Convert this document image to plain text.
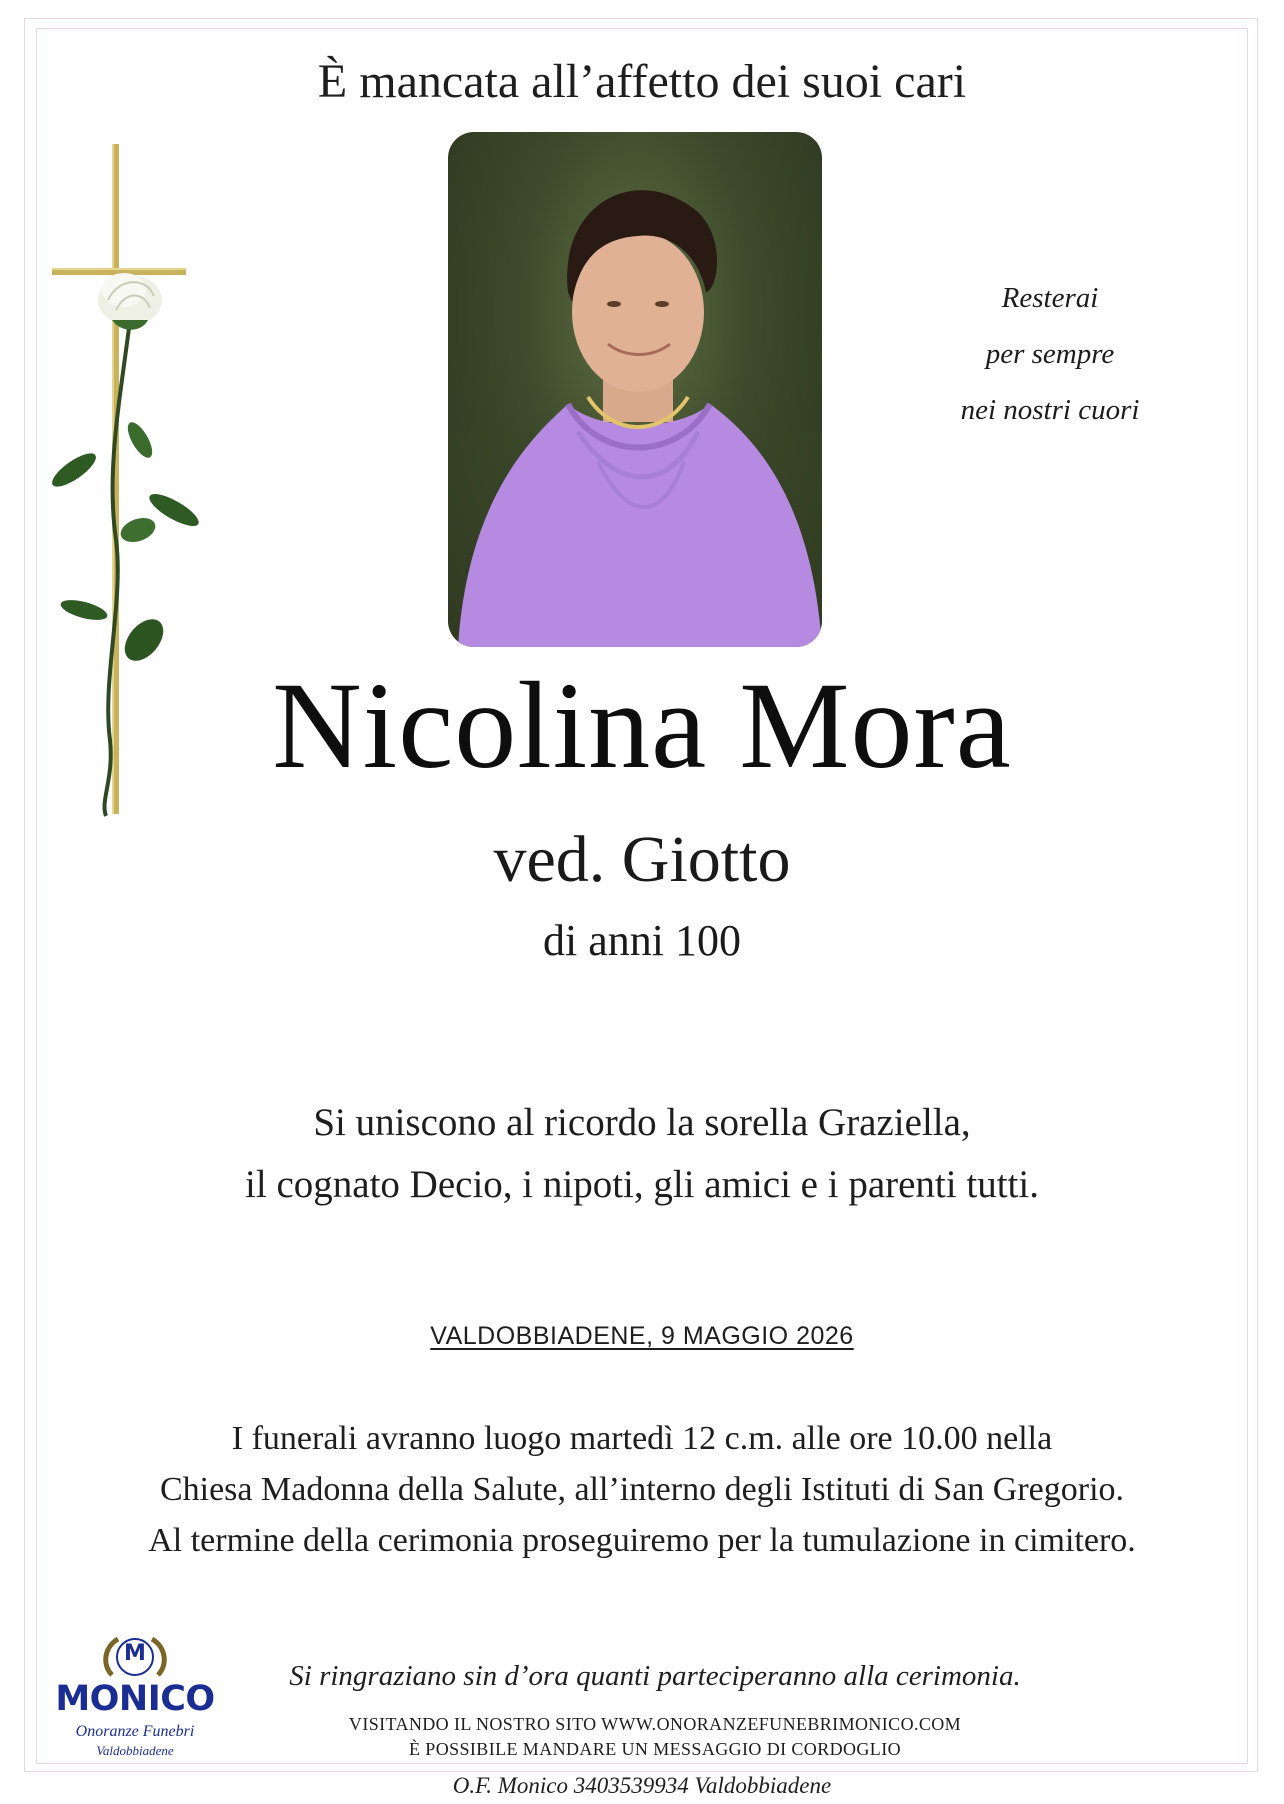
È mancata all’affetto dei suoi cari
Resterai
per sempre
nei nostri cuori
Nicolina Mora
ved. Giotto
di anni 100
Si uniscono al ricordo la sorella Graziella,
il cognato Decio, i nipoti, gli amici e i parenti tutti.
VALDOBBIADENE, 9 MAGGIO 2026
I funerali avranno luogo martedì 12 c.m. alle ore 10.00 nella
Chiesa Madonna della Salute, all’interno degli Istituti di San Gregorio.
Al termine della cerimonia proseguiremo per la tumulazione in cimitero.
M
MONICO
Onoranze Funebri
Valdobbiadene
Si ringraziano sin d’ora quanti parteciperanno alla cerimonia.
VISITANDO IL NOSTRO SITO WWW.ONORANZEFUNEBRIMONICO.COM
È POSSIBILE MANDARE UN MESSAGGIO DI CORDOGLIO
O.F. Monico 3403539934 Valdobbiadene
